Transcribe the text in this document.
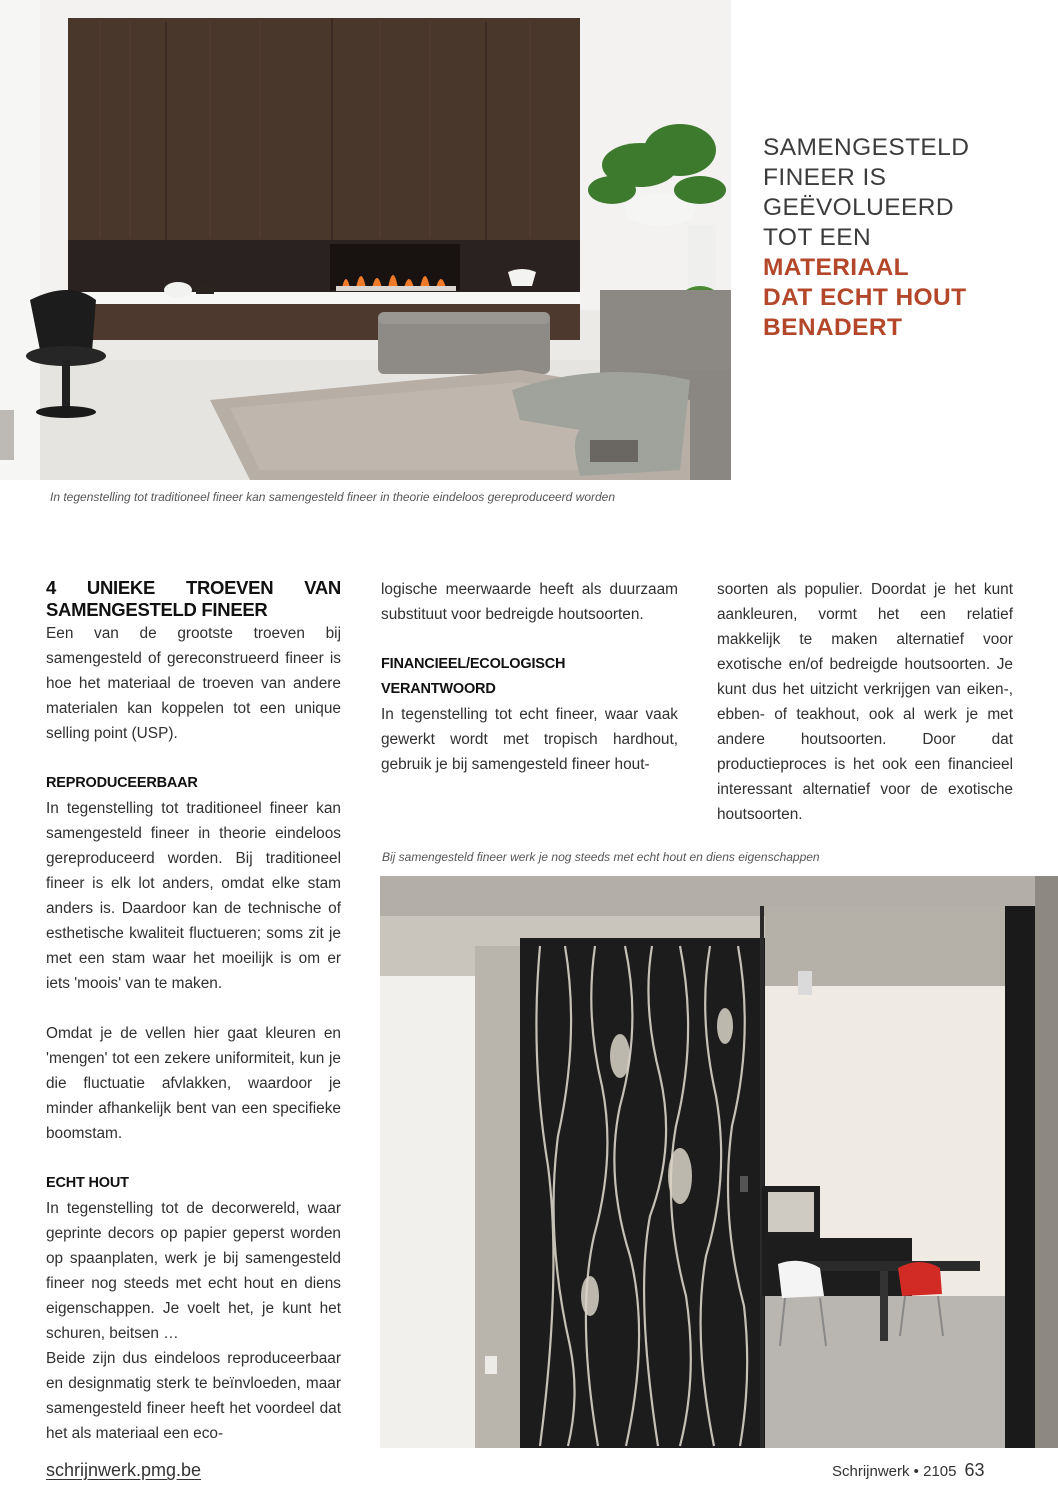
SAMENGESTELD
FINEER IS
GEËVOLUEERD
TOT EEN
MATERIAAL
DAT ECHT HOUT
BENADERT
In tegenstelling tot traditioneel fineer kan samengesteld fineer in theorie eindeloos gereproduceerd worden
4 UNIEKE TROEVEN VAN SAMENGESTELD FINEER

Een van de grootste troeven bij samengesteld of gereconstrueerd fineer is hoe het materiaal de troeven van andere materialen kan koppelen tot een unique selling point (USP).

REPRODUCEERBAAR

In tegenstelling tot traditioneel fineer kan samengesteld fineer in theorie eindeloos gereproduceerd worden. Bij traditioneel fineer is elk lot anders, omdat elke stam anders is. Daardoor kan de technische of esthetische kwaliteit fluctueren; soms zit je met een stam waar het moeilijk is om er iets 'moois' van te maken.

Omdat je de vellen hier gaat kleuren en 'mengen' tot een zekere uniformiteit, kun je die fluctuatie afvlakken, waardoor je minder afhankelijk bent van een specifieke boomstam.

ECHT HOUT

In tegenstelling tot de decorwereld, waar geprinte decors op papier geperst worden op spaanplaten, werk je bij samengesteld fineer nog steeds met echt hout en diens eigenschappen. Je voelt het, je kunt het schuren, beitsen …

Beide zijn dus eindeloos reproduceerbaar en designmatig sterk te beïnvloeden, maar samengesteld fineer heeft het voordeel dat het als materiaal een eco-

logische meerwaarde heeft als duurzaam substituut voor bedreigde houtsoorten.

FINANCIEEL/ECOLOGISCH VERANTWOORD

In tegenstelling tot echt fineer, waar vaak gewerkt wordt met tropisch hardhout, gebruik je bij samengesteld fineer hout-

soorten als populier. Doordat je het kunt aankleuren, vormt het een relatief makkelijk te maken alternatief voor exotische en/of bedreigde houtsoorten. Je kunt dus het uitzicht verkrijgen van eiken-, ebben- of teakhout, ook al werk je met andere houtsoorten. Door dat productieproces is het ook een financieel interessant alternatief voor de exotische houtsoorten.

Bij samengesteld fineer werk je nog steeds met echt hout en diens eigenschappen
schrijnwerk.pmg.be	Schrijnwerk • 2105 63
